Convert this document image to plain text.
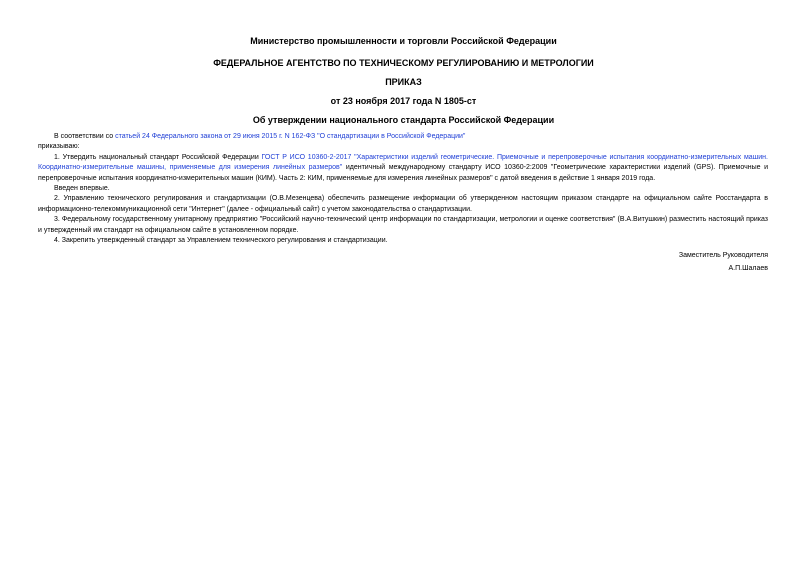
Министерство промышленности и торговли Российской Федерации

ФЕДЕРАЛЬНОЕ АГЕНТСТВО ПО ТЕХНИЧЕСКОМУ РЕГУЛИРОВАНИЮ И МЕТРОЛОГИИ

ПРИКАЗ

от 23 ноября 2017 года N 1805-ст

Об утверждении национального стандарта Российской Федерации

В соответствии со статьей 24 Федерального закона от 29 июня 2015 г. N 162-ФЗ "О стандартизации в Российской Федерации"

приказываю:

1. Утвердить национальный стандарт Российской Федерации ГОСТ Р ИСО 10360-2-2017 "Характеристики изделий геометрические. Приемочные и перепроверочные испытания координатно-измерительных машин. Координатно-измерительные машины, применяемые для измерения линейных размеров" идентичный международному стандарту ИСО 10360-2:2009 "Геометрические характеристики изделий (GPS). Приемочные и перепроверочные испытания координатно-измерительных машин (КИМ). Часть 2: КИМ, применяемые для измерения линейных размеров" с датой введения в действие 1 января 2019 года.

Введен впервые.

2. Управлению технического регулирования и стандартизации (О.В.Мезенцева) обеспечить размещение информации об утвержденном настоящим приказом стандарте на официальном сайте Росстандарта в информационно-телекоммуникационной сети "Интернет" (далее - официальный сайт) с учетом законодательства о стандартизации.

3. Федеральному государственному унитарному предприятию "Российский научно-технический центр информации по стандартизации, метрологии и оценке соответствия" (В.А.Витушкин) разместить настоящий приказ и утвержденный им стандарт на официальном сайте в установленном порядке.

4. Закрепить утвержденный стандарт за Управлением технического регулирования и стандартизации.

Заместитель Руководителя

А.П.Шалаев
